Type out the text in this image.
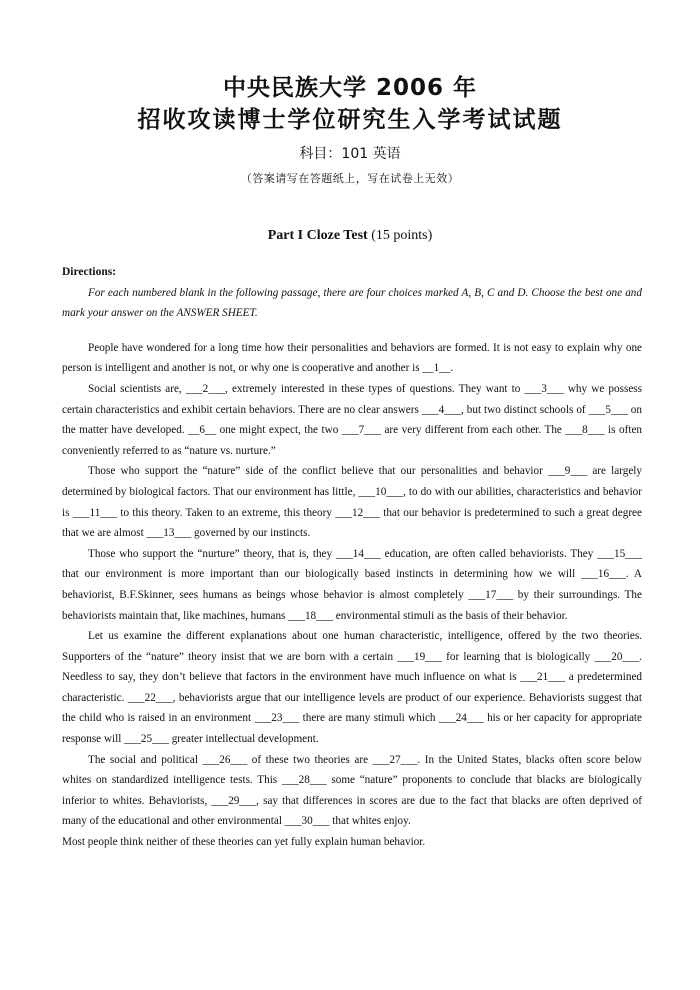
中央民族大学 2006 年
招收攻读博士学位研究生入学考试试题
科目：101 英语
（答案请写在答题纸上，写在试卷上无效）
Part I Cloze Test (15 points)
Directions:

For each numbered blank in the following passage, there are four choices marked A, B, C and D. Choose the best one and mark your answer on the ANSWER SHEET.

People have wondered for a long time how their personalities and behaviors are formed. It is not easy to explain why one person is intelligent and another is not, or why one is cooperative and another is __1__.

Social scientists are, ___2___, extremely interested in these types of questions. They want to ___3___ why we possess certain characteristics and exhibit certain behaviors. There are no clear answers ___4___, but two distinct schools of ___5___ on the matter have developed. __6__ one might expect, the two ___7___ are very different from each other. The ___8___ is often conveniently referred to as “nature vs. nurture.”

Those who support the “nature” side of the conflict believe that our personalities and behavior ___9___ are largely determined by biological factors. That our environment has little, ___10___, to do with our abilities, characteristics and behavior is ___11___ to this theory. Taken to an extreme, this theory ___12___ that our behavior is predetermined to such a great degree that we are almost ___13___ governed by our instincts.

Those who support the “nurture” theory, that is, they ___14___ education, are often called behaviorists. They ___15___ that our environment is more important than our biologically based instincts in determining how we will ___16___. A behaviorist, B.F.Skinner, sees humans as beings whose behavior is almost completely ___17___ by their surroundings. The behaviorists maintain that, like machines, humans ___18___ environmental stimuli as the basis of their behavior.

Let us examine the different explanations about one human characteristic, intelligence, offered by the two theories. Supporters of the “nature” theory insist that we are born with a certain ___19___ for learning that is biologically ___20___. Needless to say, they don’t believe that factors in the environment have much influence on what is ___21___ a predetermined characteristic. ___22___, behaviorists argue that our intelligence levels are product of our experience. Behaviorists suggest that the child who is raised in an environment ___23___ there are many stimuli which ___24___ his or her capacity for appropriate response will ___25___ greater intellectual development.

The social and political ___26___ of these two theories are ___27___. In the United States, blacks often score below whites on standardized intelligence tests. This ___28___ some “nature” proponents to conclude that blacks are biologically inferior to whites. Behaviorists, ___29___, say that differences in scores are due to the fact that blacks are often deprived of many of the educational and other environmental ___30___ that whites enjoy.

Most people think neither of these theories can yet fully explain human behavior.
